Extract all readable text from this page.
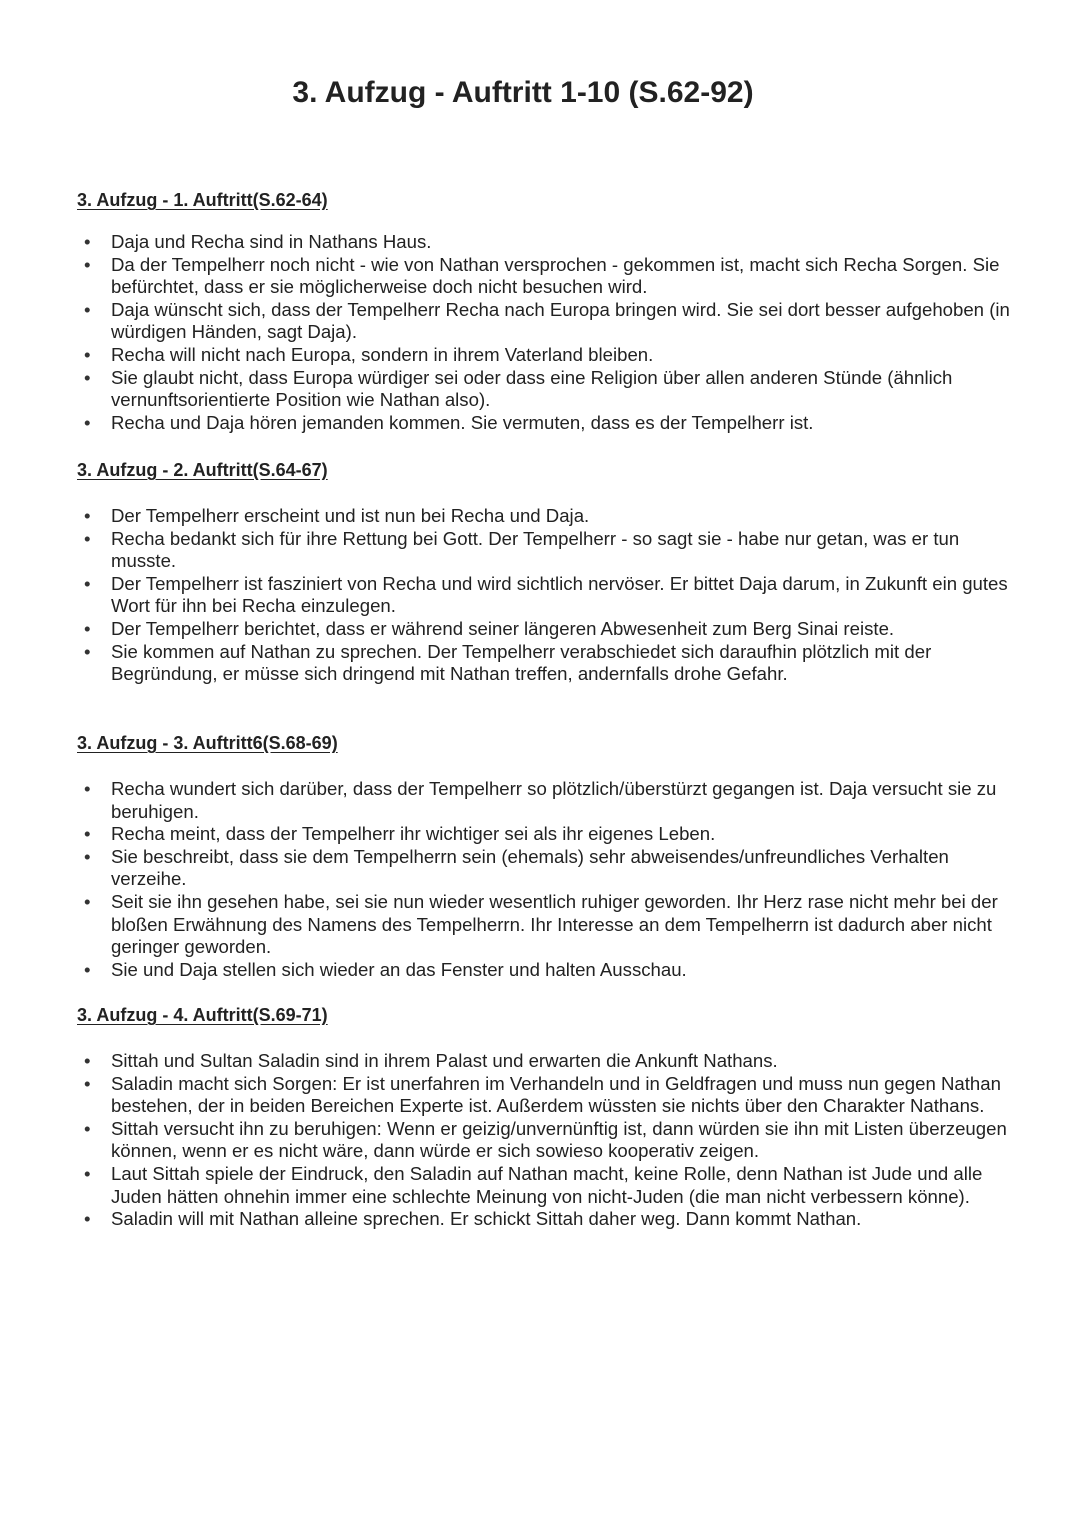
3. Aufzug - Auftritt 1-10 (S.62-92)
3. Aufzug - 1. Auftritt(S.62-64)
• Daja und Recha sind in Nathans Haus.
• Da der Tempelherr noch nicht - wie von Nathan versprochen - gekommen ist, macht sich Recha Sorgen. Sie befürchtet, dass er sie möglicherweise doch nicht besuchen wird.
• Daja wünscht sich, dass der Tempelherr Recha nach Europa bringen wird. Sie sei dort besser aufgehoben (in würdigen Händen, sagt Daja).
• Recha will nicht nach Europa, sondern in ihrem Vaterland bleiben.
• Sie glaubt nicht, dass Europa würdiger sei oder dass eine Religion über allen anderen Stünde (ähnlich vernunftsorientierte Position wie Nathan also).
• Recha und Daja hören jemanden kommen. Sie vermuten, dass es der Tempelherr ist.
3. Aufzug - 2. Auftritt(S.64-67)
• Der Tempelherr erscheint und ist nun bei Recha und Daja.
• Recha bedankt sich für ihre Rettung bei Gott. Der Tempelherr - so sagt sie - habe nur getan, was er tun musste.
• Der Tempelherr ist fasziniert von Recha und wird sichtlich nervöser. Er bittet Daja darum, in Zukunft ein gutes Wort für ihn bei Recha einzulegen.
• Der Tempelherr berichtet, dass er während seiner längeren Abwesenheit zum Berg Sinai reiste.
• Sie kommen auf Nathan zu sprechen. Der Tempelherr verabschiedet sich daraufhin plötzlich mit der Begründung, er müsse sich dringend mit Nathan treffen, andernfalls drohe Gefahr.
3. Aufzug - 3. Auftritt6(S.68-69)
• Recha wundert sich darüber, dass der Tempelherr so plötzlich/überstürzt gegangen ist. Daja versucht sie zu beruhigen.
• Recha meint, dass der Tempelherr ihr wichtiger sei als ihr eigenes Leben.
• Sie beschreibt, dass sie dem Tempelherrn sein (ehemals) sehr abweisendes/unfreundliches Verhalten verzeihe.
• Seit sie ihn gesehen habe, sei sie nun wieder wesentlich ruhiger geworden. Ihr Herz rase nicht mehr bei der bloßen Erwähnung des Namens des Tempelherrn. Ihr Interesse an dem Tempelherrn ist dadurch aber nicht geringer geworden.
• Sie und Daja stellen sich wieder an das Fenster und halten Ausschau.
3. Aufzug - 4. Auftritt(S.69-71)
• Sittah und Sultan Saladin sind in ihrem Palast und erwarten die Ankunft Nathans.
• Saladin macht sich Sorgen: Er ist unerfahren im Verhandeln und in Geldfragen und muss nun gegen Nathan bestehen, der in beiden Bereichen Experte ist. Außerdem wüssten sie nichts über den Charakter Nathans.
• Sittah versucht ihn zu beruhigen: Wenn er geizig/unvernünftig ist, dann würden sie ihn mit Listen überzeugen können, wenn er es nicht wäre, dann würde er sich sowieso kooperativ zeigen.
• Laut Sittah spiele der Eindruck, den Saladin auf Nathan macht, keine Rolle, denn Nathan ist Jude und alle Juden hätten ohnehin immer eine schlechte Meinung von nicht-Juden (die man nicht verbessern könne).
• Saladin will mit Nathan alleine sprechen. Er schickt Sittah daher weg. Dann kommt Nathan.
